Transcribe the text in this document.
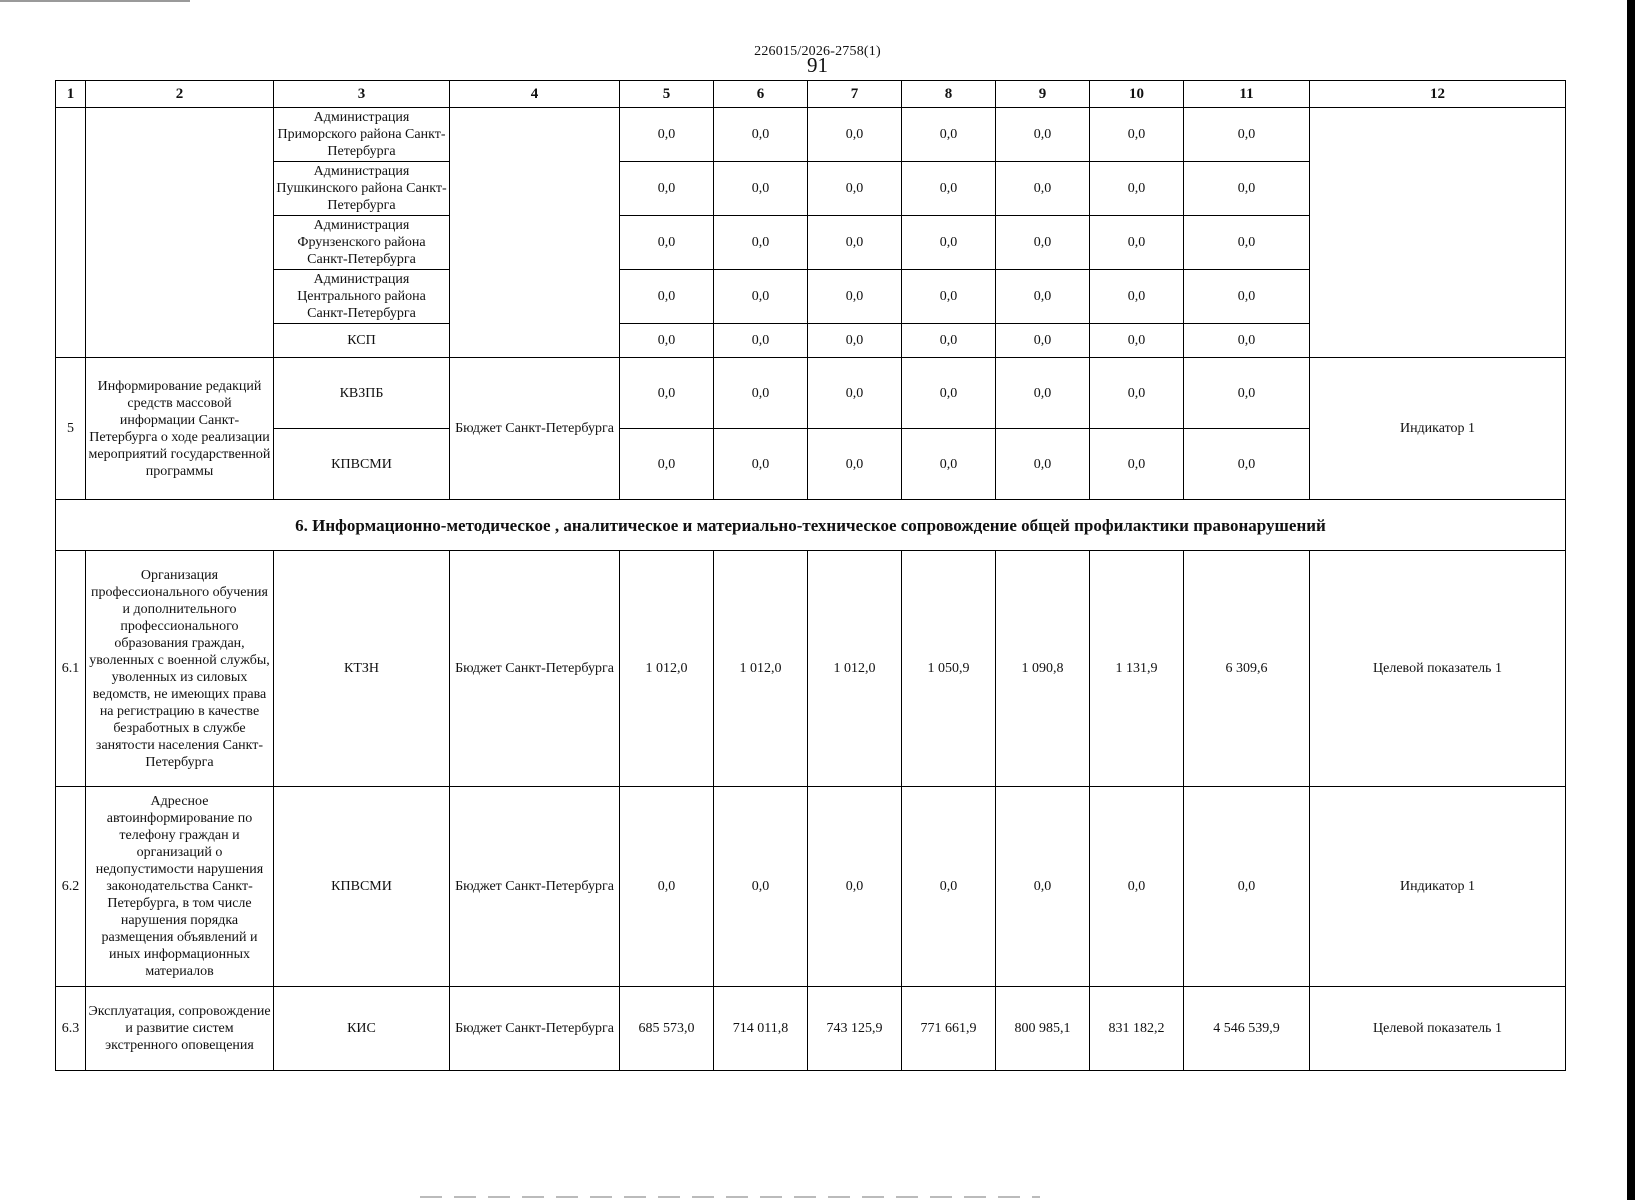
226015/2026-2758(1)
91
1	2	3	4	5	6	7	8	9	10	11	12
		Администрация Приморского района Санкт-Петербурга		0,0	0,0	0,0	0,0	0,0	0,0	0,0	
		Администрация Пушкинского района Санкт-Петербурга		0,0	0,0	0,0	0,0	0,0	0,0	0,0	
		Администрация Фрунзенского района Санкт-Петербурга		0,0	0,0	0,0	0,0	0,0	0,0	0,0	
		Администрация Центрального района Санкт-Петербурга		0,0	0,0	0,0	0,0	0,0	0,0	0,0	
		КСП		0,0	0,0	0,0	0,0	0,0	0,0	0,0	
5	Информирование редакций средств массовой информации Санкт-Петербурга о ходе реализации мероприятий государственной программы	КВЗПБ	Бюджет Санкт-Петербурга	0,0	0,0	0,0	0,0	0,0	0,0	0,0	Индикатор 1
		КПВСМИ		0,0	0,0	0,0	0,0	0,0	0,0	0,0	
6. Информационно-методическое , аналитическое и материально-техническое сопровождение общей профилактики правонарушений											
6.1	Организация профессионального обучения и дополнительного профессионального образования граждан, уволенных с военной службы, уволенных из силовых ведомств, не имеющих права на регистрацию в качестве безработных в службе занятости населения Санкт-Петербурга	КТЗН	Бюджет Санкт-Петербурга	1 012,0	1 012,0	1 012,0	1 050,9	1 090,8	1 131,9	6 309,6	Целевой показатель 1
6.2	Адресное автоинформирование по телефону граждан и организаций о недопустимости нарушения законодательства Санкт-Петербурга, в том числе нарушения порядка размещения объявлений и иных информационных материалов	КПВСМИ	Бюджет Санкт-Петербурга	0,0	0,0	0,0	0,0	0,0	0,0	0,0	Индикатор 1
6.3	Эксплуатация, сопровождение и развитие систем экстренного оповещения	КИС	Бюджет Санкт-Петербурга	685 573,0	714 011,8	743 125,9	771 661,9	800 985,1	831 182,2	4 546 539,9	Целевой показатель 1
